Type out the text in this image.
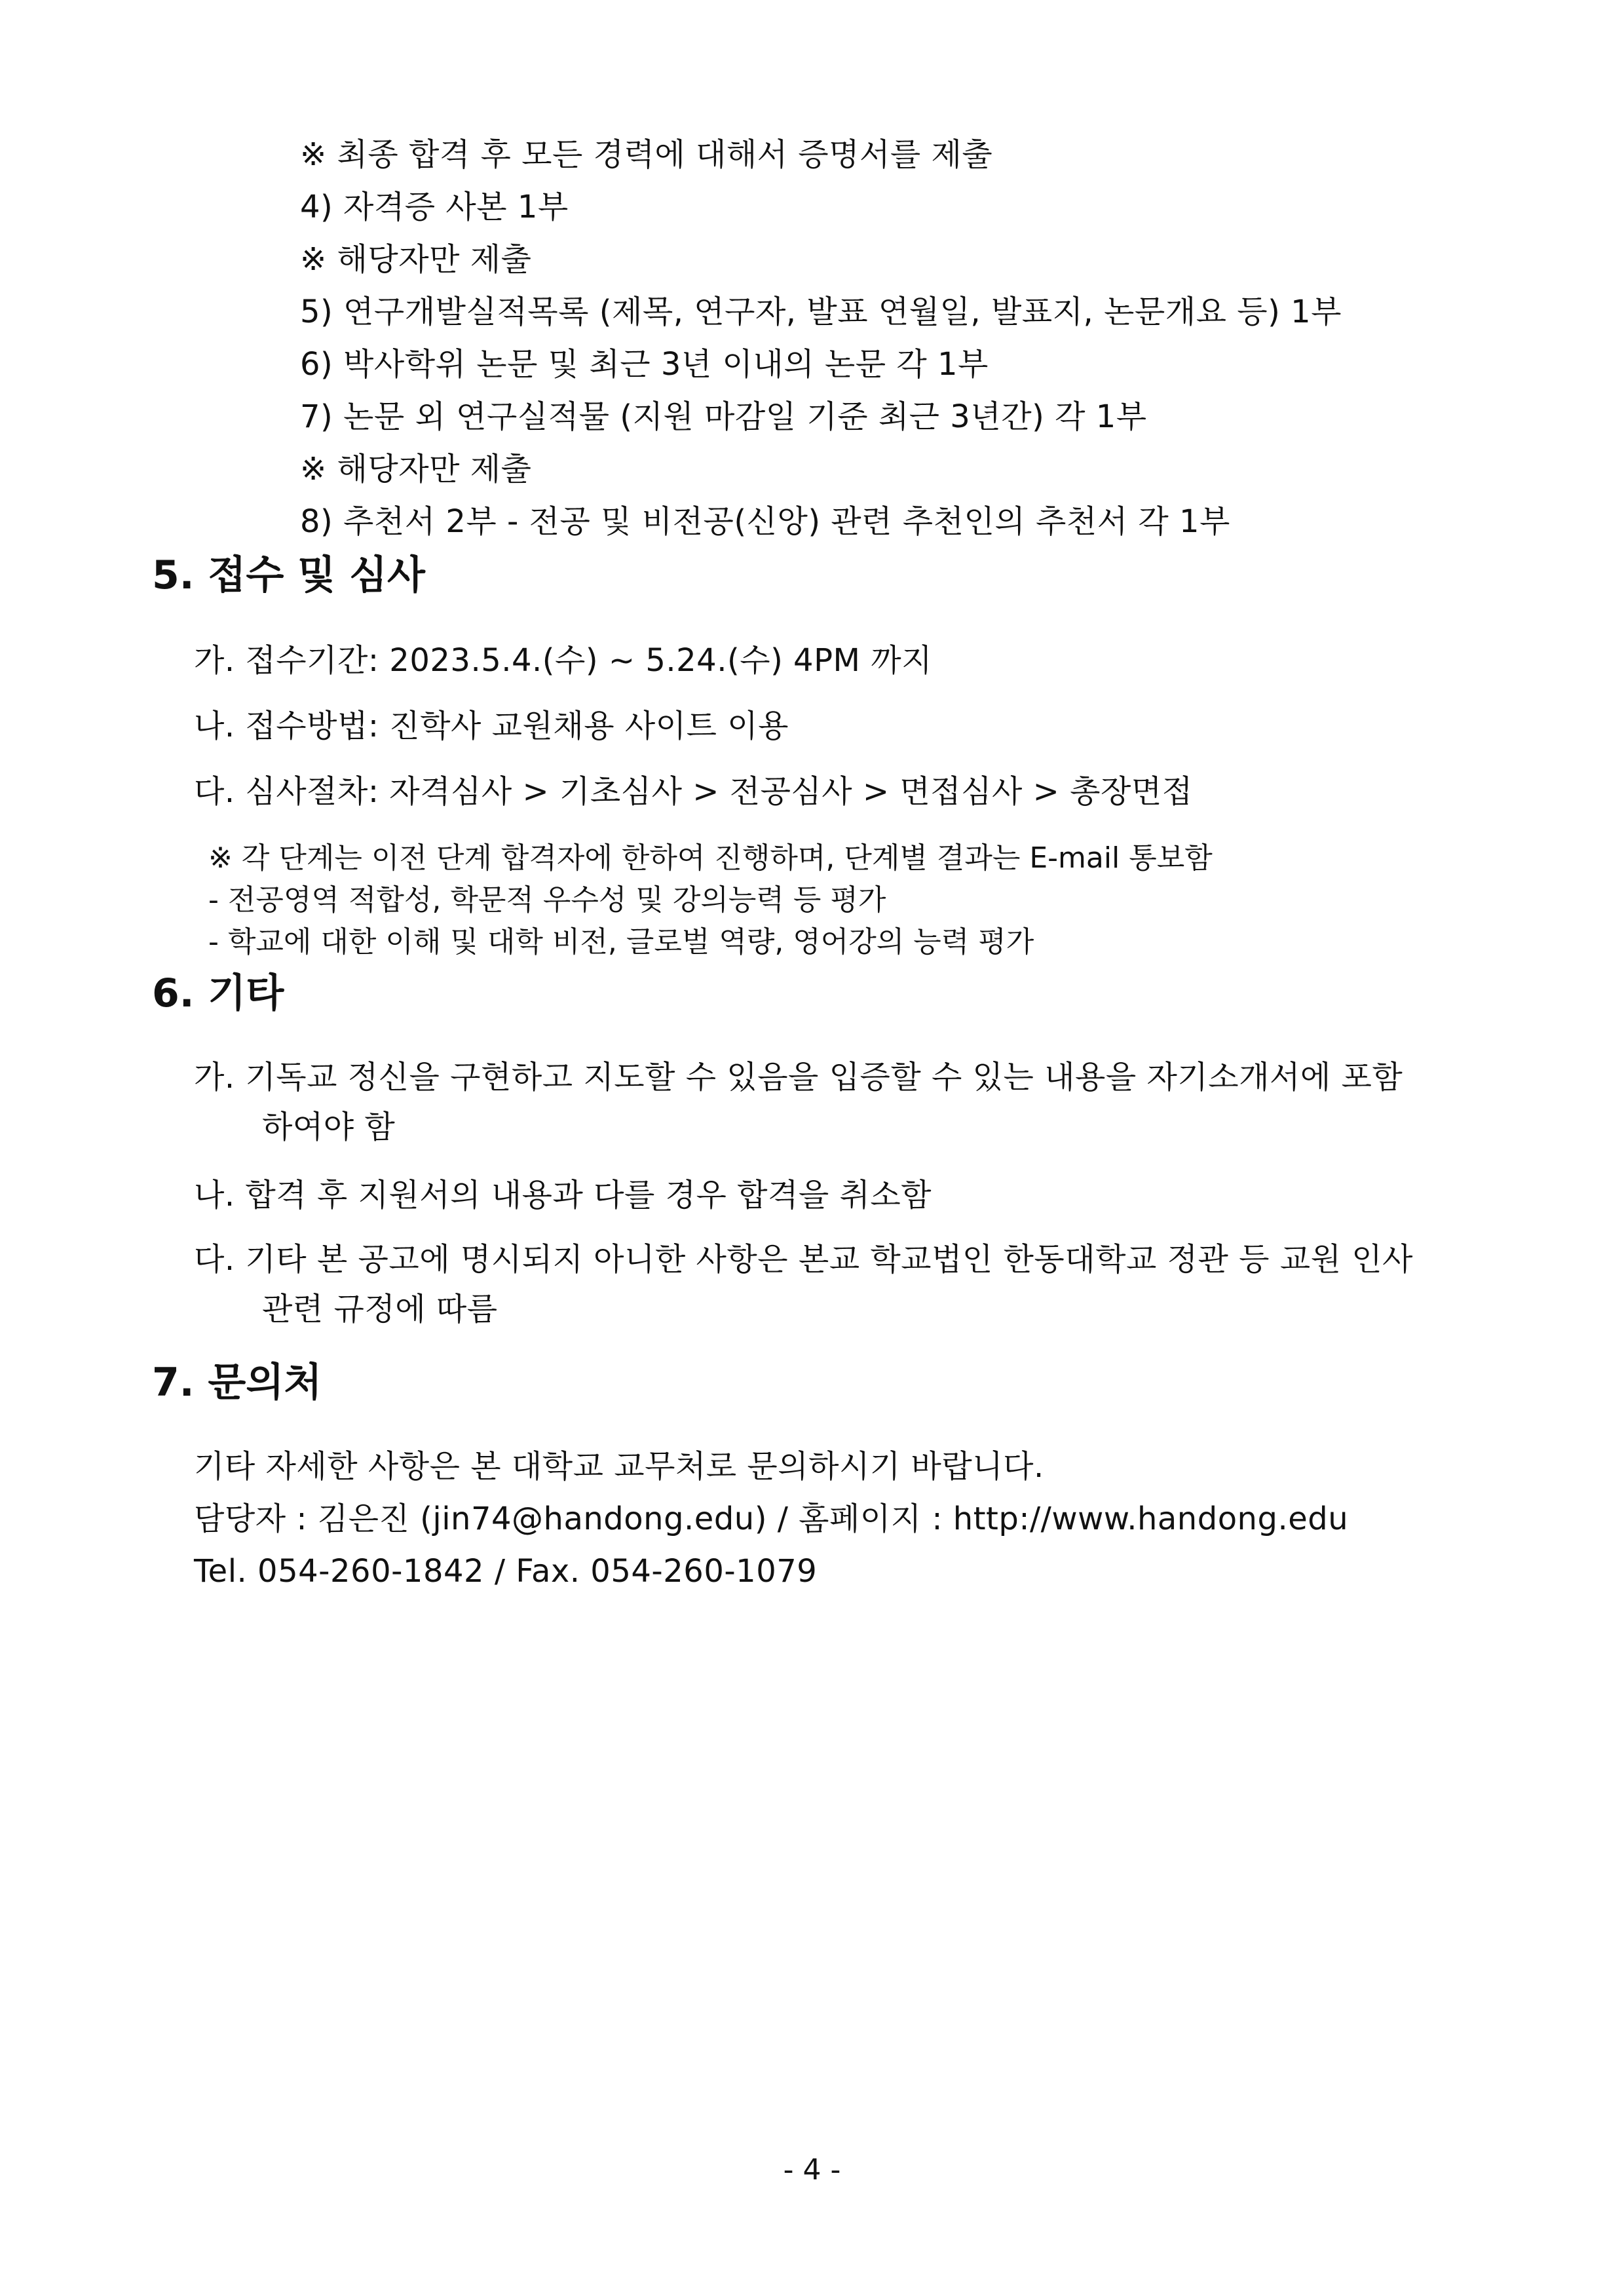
※ 최종 합격 후 모든 경력에 대해서 증명서를 제출
4) 자격증 사본 1부
※ 해당자만 제출
5) 연구개발실적목록 (제목, 연구자, 발표 연월일, 발표지, 논문개요 등) 1부
6) 박사학위 논문 및 최근 3년 이내의 논문 각 1부
7) 논문 외 연구실적물 (지원 마감일 기준 최근 3년간) 각 1부
※ 해당자만 제출
8) 추천서 2부 - 전공 및 비전공(신앙) 관련 추천인의 추천서 각 1부
5. 접수 및 심사
가. 접수기간: 2023.5.4.(수) ~ 5.24.(수) 4PM 까지
나. 접수방법: 진학사 교원채용 사이트 이용
다. 심사절차: 자격심사 > 기초심사 > 전공심사 > 면접심사 > 총장면접
※ 각 단계는 이전 단계 합격자에 한하여 진행하며, 단계별 결과는 E-mail 통보함
- 전공영역 적합성, 학문적 우수성 및 강의능력 등 평가
- 학교에 대한 이해 및 대학 비전, 글로벌 역량, 영어강의 능력 평가
6. 기타
가. 기독교 정신을 구현하고 지도할 수 있음을 입증할 수 있는 내용을 자기소개서에 포함
하여야 함
나. 합격 후 지원서의 내용과 다를 경우 합격을 취소함
다. 기타 본 공고에 명시되지 아니한 사항은 본교 학교법인 한동대학교 정관 등 교원 인사
관련 규정에 따름
7. 문의처
기타 자세한 사항은 본 대학교 교무처로 문의하시기 바랍니다.
담당자 : 김은진 (jin74@handong.edu) / 홈페이지 : http://www.handong.edu
Tel. 054-260-1842 / Fax. 054-260-1079
- 4 -
